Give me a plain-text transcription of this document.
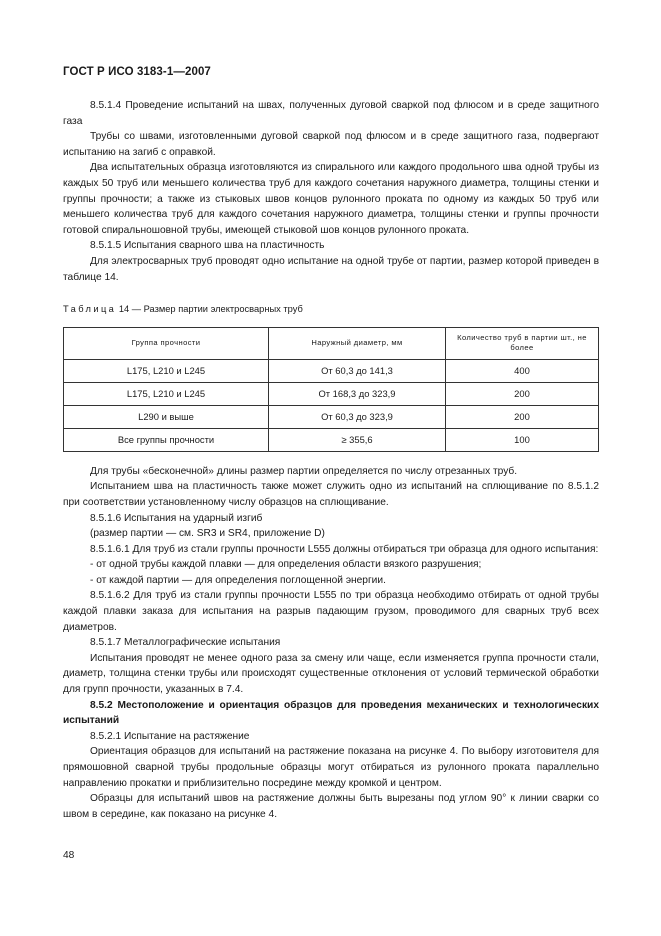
ГОСТ Р ИСО 3183-1—2007

8.5.1.4 Проведение испытаний на швах, полученных дуговой сваркой под флюсом и в среде защитного газа

Трубы со швами, изготовленными дуговой сваркой под флюсом и в среде защитного газа, подвергают испытанию на загиб с оправкой.

Два испытательных образца изготовляются из спирального или каждого продольного шва одной трубы из каждых 50 труб или меньшего количества труб для каждого сочетания наружного диаметра, толщины стенки и группы прочности; а также из стыковых швов концов рулонного проката по одному из каждых 50 труб или меньшего количества труб для каждого сочетания наружного диаметра, толщины стенки и группы прочности готовой спиральношовной трубы, имеющей стыковой шов концов рулонного проката.

8.5.1.5 Испытания сварного шва на пластичность

Для электросварных труб проводят одно испытание на одной трубе от партии, размер которой приведен в таблице 14.

Таблица 14 — Размер партии электросварных труб

Группа прочности	Наружный диаметр, мм	Количество труб в партии шт., не более
L175, L210 и L245	От 60,3 до 141,3	400
L175, L210 и L245	От 168,3 до 323,9	200
L290 и выше	От 60,3 до 323,9	200
Все группы прочности	≥ 355,6	100

Для трубы «бесконечной» длины размер партии определяется по числу отрезанных труб.

Испытанием шва на пластичность также может служить одно из испытаний на сплющивание по 8.5.1.2 при соответствии установленному числу образцов на сплющивание.

8.5.1.6 Испытания на ударный изгиб

(размер партии — см. SR3 и SR4, приложение D)

8.5.1.6.1 Для труб из стали группы прочности L555 должны отбираться три образца для одного испытания:

- от одной трубы каждой плавки — для определения области вязкого разрушения;

- от каждой партии — для определения поглощенной энергии.

8.5.1.6.2 Для труб из стали группы прочности L555 по три образца необходимо отбирать от одной трубы каждой плавки заказа для испытания на разрыв падающим грузом, проводимого для сварных труб всех диаметров.

8.5.1.7 Металлографические испытания

Испытания проводят не менее одного раза за смену или чаще, если изменяется группа прочности стали, диаметр, толщина стенки трубы или происходят существенные отклонения от условий термической обработки для групп прочности, указанных в 7.4.

8.5.2 Местоположение и ориентация образцов для проведения механических и технологических испытаний

8.5.2.1 Испытание на растяжение

Ориентация образцов для испытаний на растяжение показана на рисунке 4. По выбору изготовителя для прямошовной сварной трубы продольные образцы могут отбираться из рулонного проката параллельно направлению прокатки и приблизительно посредине между кромкой и центром.

Образцы для испытаний швов на растяжение должны быть вырезаны под углом 90° к линии сварки со швом в середине, как показано на рисунке 4.

48
